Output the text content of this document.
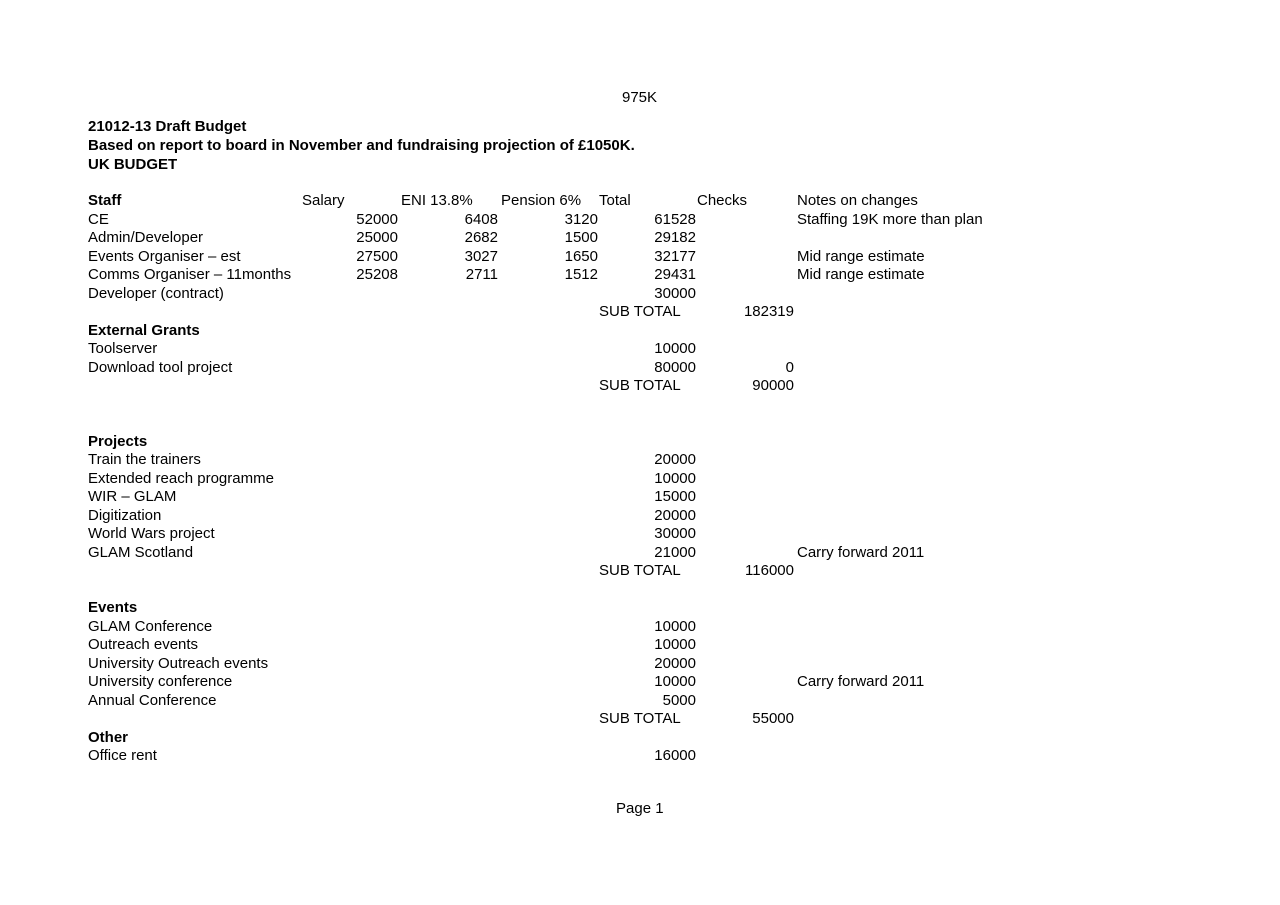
975K
21012-13 Draft Budget
Based on report to board in November and fundraising projection of £1050K.
UK BUDGET
Staff	Salary	ENI 13.8%	Pension 6%	Total	Checks	Notes on changes
CE	52000	6408	3120	61528		Staffing 19K more than plan
Admin/Developer	25000	2682	1500	29182		
Events Organiser – est	27500	3027	1650	32177		Mid range estimate
Comms Organiser – 11months	25208	2711	1512	29431		Mid range estimate
Developer (contract)				30000		
				SUB TOTAL	182319	
External Grants						
Toolserver				10000		
Download tool project				80000	0	
				SUB TOTAL	90000	

Projects						
Train the trainers				20000		
Extended reach programme				10000		
WIR – GLAM				15000		
Digitization				20000		
World Wars project				30000		
GLAM Scotland				21000		Carry forward 2011
				SUB TOTAL	116000	

Events						
GLAM Conference				10000		
Outreach events				10000		
University Outreach events				20000		
University conference				10000		Carry forward 2011
Annual Conference				5000		
				SUB TOTAL	55000	
Other						
Office rent				16000		
Page 1
